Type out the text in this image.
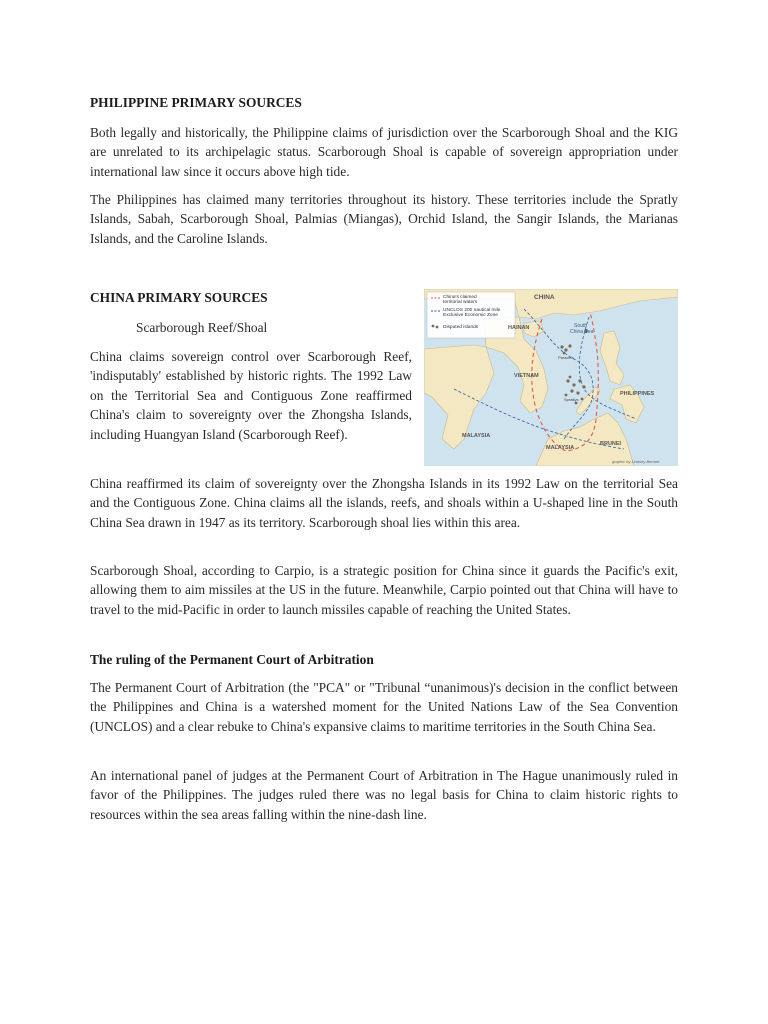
PHILIPPINE PRIMARY SOURCES

Both legally and historically, the Philippine claims of jurisdiction over the Scarborough Shoal and the KIG are unrelated to its archipelagic status. Scarborough Shoal is capable of sovereign appropriation under international law since it occurs above high tide.

The Philippines has claimed many territories throughout its history. These territories include the Spratly Islands, Sabah, Scarborough Shoal, Palmias (Miangas), Orchid Island, the Sangir Islands, the Marianas Islands, and the Caroline Islands.

CHINA PRIMARY SOURCES

Scarborough Reef/Shoal

China claims sovereign control over Scarborough Reef, 'indisputably' established by historic rights. The 1992 Law on the Territorial Sea and Contiguous Zone reaffirmed China's claim to sovereignty over the Zhongsha Islands, including Huangyan Island (Scarborough Reef).

China's claimed
territorial waters
UNCLOS 200 nautical mile
Exclusive Economic Zone
Disputed islands
CHINA
HAINAN	South
China Sea
Paracels
VIETNAM
Spratlys
PHILIPPINES
MALAYSIA
MALAYSIA
BRUNEI
graphic by Lindsey Bernett

China reaffirmed its claim of sovereignty over the Zhongsha Islands in its 1992 Law on the territorial Sea and the Contiguous Zone. China claims all the islands, reefs, and shoals within a U-shaped line in the South China Sea drawn in 1947 as its territory. Scarborough shoal lies within this area.

Scarborough Shoal, according to Carpio, is a strategic position for China since it guards the Pacific's exit, allowing them to aim missiles at the US in the future. Meanwhile, Carpio pointed out that China will have to travel to the mid-Pacific in order to launch missiles capable of reaching the United States.

The ruling of the Permanent Court of Arbitration

The Permanent Court of Arbitration (the "PCA" or "Tribunal “unanimous)'s decision in the conflict between the Philippines and China is a watershed moment for the United Nations Law of the Sea Convention (UNCLOS) and a clear rebuke to China's expansive claims to maritime territories in the South China Sea.

An international panel of judges at the Permanent Court of Arbitration in The Hague unanimously ruled in favor of the Philippines. The judges ruled there was no legal basis for China to claim historic rights to resources within the sea areas falling within the nine-dash line.
